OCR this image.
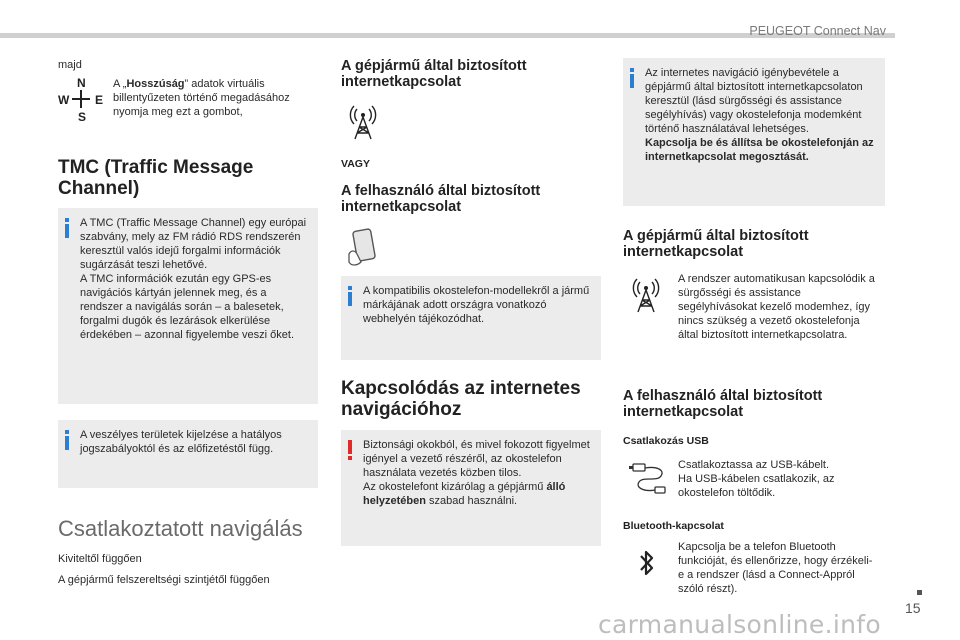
PEUGEOT Connect Nav
majd
N
W E
S
A „Hosszúság” adatok virtuális billentyűzeten történő megadásához nyomja meg ezt a gombot,
TMC (Traffic Message Channel)
A TMC (Traffic Message Channel) egy európai szabvány, mely az FM rádió RDS rendszerén keresztül valós idejű forgalmi információk sugárzását teszi lehetővé.
A TMC információk ezután egy GPS-es navigációs kártyán jelennek meg, és a rendszer a navigálás során – a balesetek, forgalmi dugók és lezárások elkerülése érdekében – azonnal figyelembe veszi őket.
A veszélyes területek kijelzése a hatályos jogszabályoktól és az előfizetéstől függ.
Csatlakoztatott navigálás
Kiviteltől függően
A gépjármű felszereltségi szintjétől függően
A gépjármű által biztosított internetkapcsolat
VAGY
A felhasználó által biztosított internetkapcsolat
A kompatibilis okostelefon-modellekről a jármű márkájának adott országra vonatkozó webhelyén tájékozódhat.
Kapcsolódás az internetes navigációhoz
Biztonsági okokból, és mivel fokozott figyelmet igényel a vezető részéről, az okostelefon használata vezetés közben tilos.
Az okostelefont kizárólag a gépjármű álló helyzetében szabad használni.
Az internetes navigáció igénybevétele a gépjármű által biztosított internetkapcsolaton keresztül (lásd sürgősségi és assistance segélyhívás) vagy okostelefonja modemként történő használatával lehetséges.
Kapcsolja be és állítsa be okostelefonján az internetkapcsolat megosztását.
A gépjármű által biztosított internetkapcsolat
A rendszer automatikusan kapcsolódik a sürgősségi és assistance segélyhívásokat kezelő modemhez, így nincs szükség a vezető okostelefonja által biztosított internetkapcsolatra.
A felhasználó által biztosított internetkapcsolat
Csatlakozás USB
Csatlakoztassa az USB-kábelt.
Ha USB-kábelen csatlakozik, az okostelefon töltődik.
Bluetooth-kapcsolat
Kapcsolja be a telefon Bluetooth funkcióját, és ellenőrizze, hogy érzékeli-e a rendszer (lásd a Connect-Appról szóló részt).
15
carmanualsonline.info
